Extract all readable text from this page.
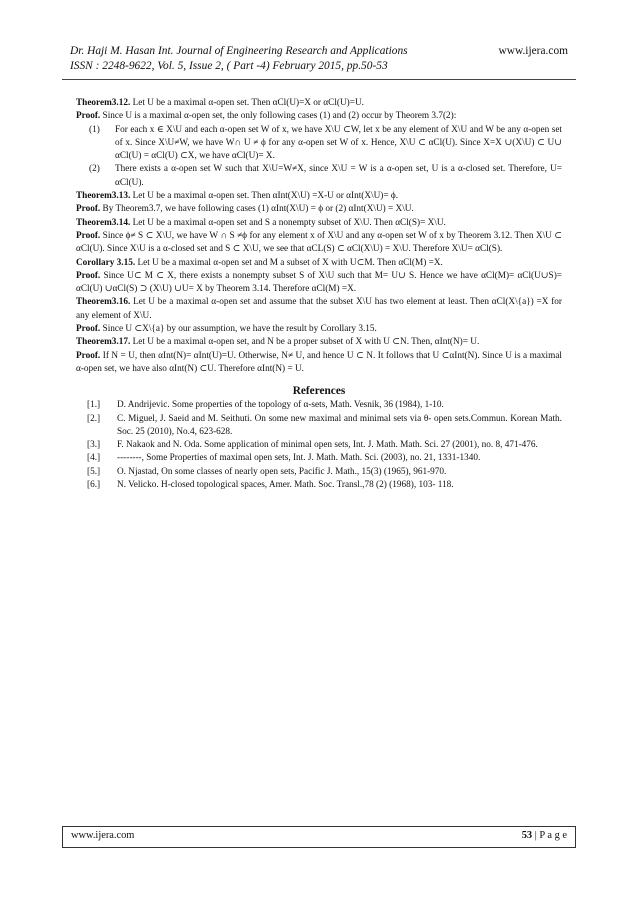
Dr. Haji M. Hasan Int. Journal of Engineering Research and Applications	www.ijera.com
ISSN : 2248-9622, Vol. 5, Issue 2, ( Part -4) February 2015, pp.50-53

Theorem3.12. Let U be a maximal α-open set. Then αCl(U)=X or αCl(U)=U.

Proof. Since U is a maximal α-open set, the only following cases (1) and (2) occur by Theorem 3.7(2):

(1)	For each x ∈ X\U and each α-open set W of x, we have X\U ⊂W, let x be any element of X\U and W be any α-open set of x. Since X\U≠W, we have W∩ U ≠ ϕ for any α-open set W of x. Hence, X\U ⊂ αCl(U). Since X=X ∪(X\U) ⊂ U∪ αCl(U) = αCl(U) ⊂X, we have αCl(U)= X.
(2)	There exists a α-open set W such that X\U=W≠X, since X\U = W is a α-open set, U is a α-closed set. Therefore, U= αCl(U).

Theorem3.13. Let U be a maximal α-open set. Then αInt(X\U) =X-U or αInt(X\U)= ϕ.

Proof. By Theorem3.7, we have following cases (1) αInt(X\U) = ϕ or (2) αInt(X\U) = X\U.

Theorem3.14. Let U be a maximal α-open set and S a nonempty subset of X\U. Then αCl(S)= X\U.

Proof. Since ϕ≠ S ⊂ X\U, we have W ∩ S ≠ϕ for any element x of X\U and any α-open set W of x by Theorem 3.12. Then X\U ⊂ αCl(U). Since X\U is a α-closed set and S ⊂ X\U, we see that αCL(S) ⊂ αCl(X\U) = X\U. Therefore X\U= αCl(S).

Corollary 3.15. Let U be a maximal α-open set and M a subset of X with U⊂M. Then αCl(M) =X.

Proof. Since U⊂ M ⊂ X, there exists a nonempty subset S of X\U such that M= U∪ S. Hence we have αCl(M)= αCl(U∪S)= αCl(U) ∪αCl(S) ⊃ (X\U) ∪U= X by Theorem 3.14. Therefore αCl(M) =X.

Theorem3.16. Let U be a maximal α-open set and assume that the subset X\U has two element at least. Then αCl(X\{a}) =X for any element of X\U.

Proof. Since U ⊂X\{a} by our assumption, we have the result by Corollary 3.15.

Theorem3.17. Let U be a maximal α-open set, and N be a proper subset of X with U ⊂N. Then, αInt(N)= U.

Proof. If N = U, then αInt(N)= αInt(U)=U. Otherwise, N≠ U, and hence U ⊂ N. It follows that U ⊂αInt(N). Since U is a maximal α-open set, we have also αInt(N) ⊂U. Therefore αInt(N) = U.

References
[1.]	D. Andrijevic. Some properties of the topology of α-sets, Math. Vesnik, 36 (1984), 1-10.
[2.]	C. Miguel, J. Saeid and M. Seithuti. On some new maximal and minimal sets via θ- open sets.Commun. Korean Math. Soc. 25 (2010), No.4, 623-628.
[3.]	F. Nakaok and N. Oda. Some application of minimal open sets, Int. J. Math. Math. Sci. 27 (2001), no. 8, 471-476.
[4.]	--------, Some Properties of maximal open sets, Int. J. Math. Math. Sci. (2003), no. 21, 1331-1340.
[5.]	O. Njastad, On some classes of nearly open sets, Pacific J. Math., 15(3) (1965), 961-970.
[6.]	N. Velicko. H-closed topological spaces, Amer. Math. Soc. Transl.,78 (2) (1968), 103- 118.
www.ijera.com	53 | P a g e
